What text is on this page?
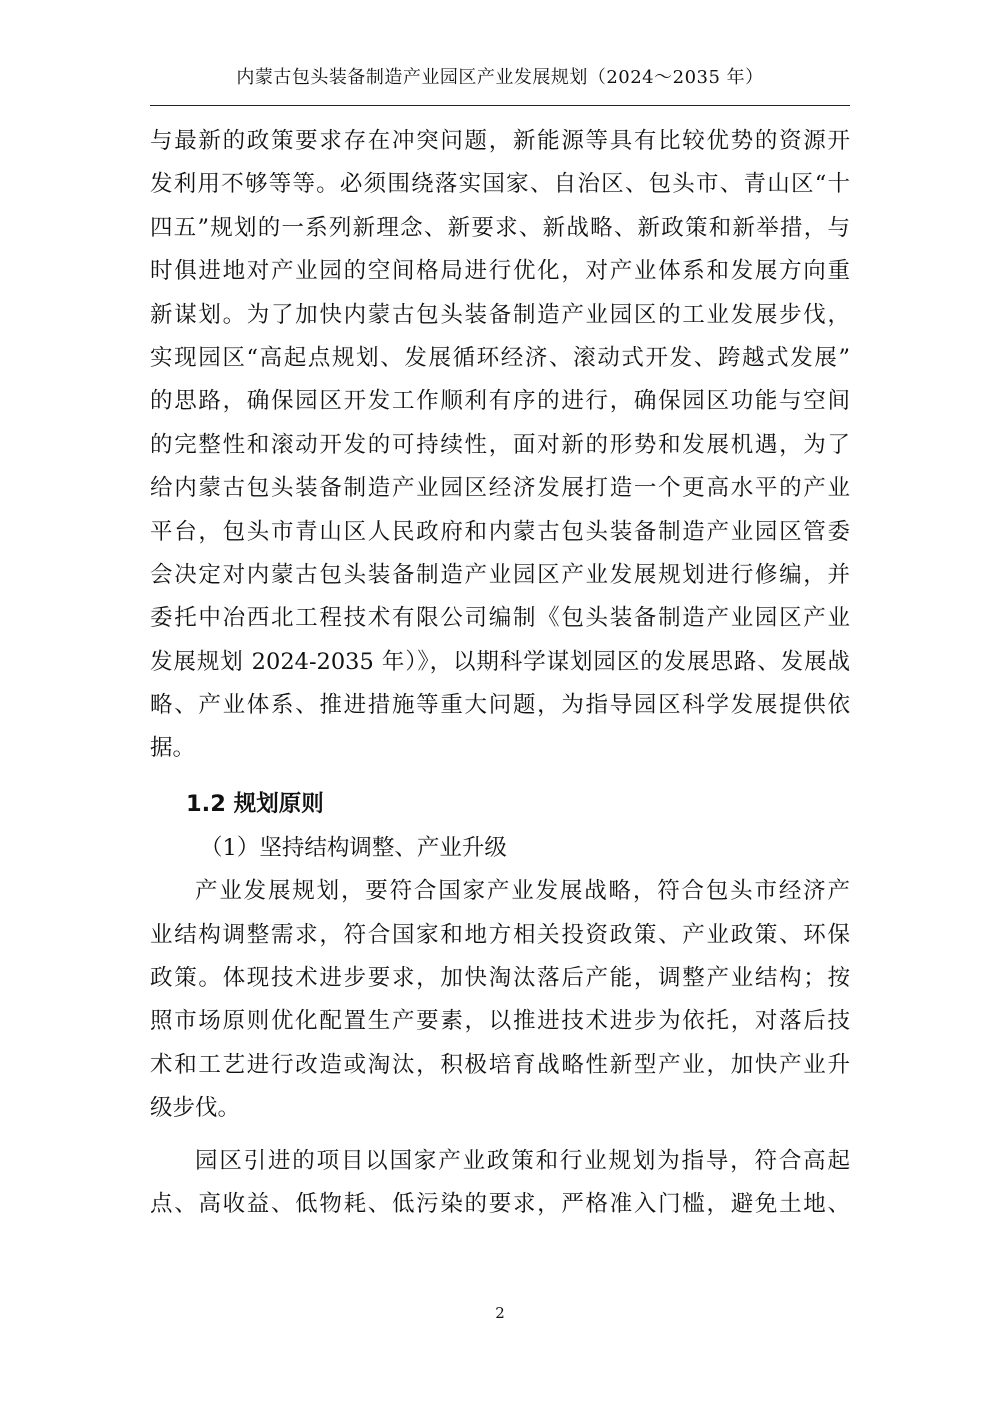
内蒙古包头装备制造产业园区产业发展规划（2024～2035 年）
与最新的政策要求存在冲突问题，新能源等具有比较优势的资源开
发利用不够等等。必须围绕落实国家、自治区、包头市、青山区“十
四五”规划的一系列新理念、新要求、新战略、新政策和新举措，与
时俱进地对产业园的空间格局进行优化，对产业体系和发展方向重
新谋划。为了加快内蒙古包头装备制造产业园区的工业发展步伐，
实现园区“高起点规划、发展循环经济、滚动式开发、跨越式发展”
的思路，确保园区开发工作顺利有序的进行，确保园区功能与空间
的完整性和滚动开发的可持续性，面对新的形势和发展机遇，为了
给内蒙古包头装备制造产业园区经济发展打造一个更高水平的产业
平台，包头市青山区人民政府和内蒙古包头装备制造产业园区管委
会决定对内蒙古包头装备制造产业园区产业发展规划进行修编，并
委托中冶西北工程技术有限公司编制《包头装备制造产业园区产业
发展规划 2024-2035 年）》，以期科学谋划园区的发展思路、发展战
略、产业体系、推进措施等重大问题，为指导园区科学发展提供依
据。
1.2 规划原则
（1）坚持结构调整、产业升级
产业发展规划，要符合国家产业发展战略，符合包头市经济产
业结构调整需求，符合国家和地方相关投资政策、产业政策、环保
政策。体现技术进步要求，加快淘汰落后产能，调整产业结构；按
照市场原则优化配置生产要素，以推进技术进步为依托，对落后技
术和工艺进行改造或淘汰，积极培育战略性新型产业，加快产业升
级步伐。
园区引进的项目以国家产业政策和行业规划为指导，符合高起
点、高收益、低物耗、低污染的要求，严格准入门槛，避免土地、
2
